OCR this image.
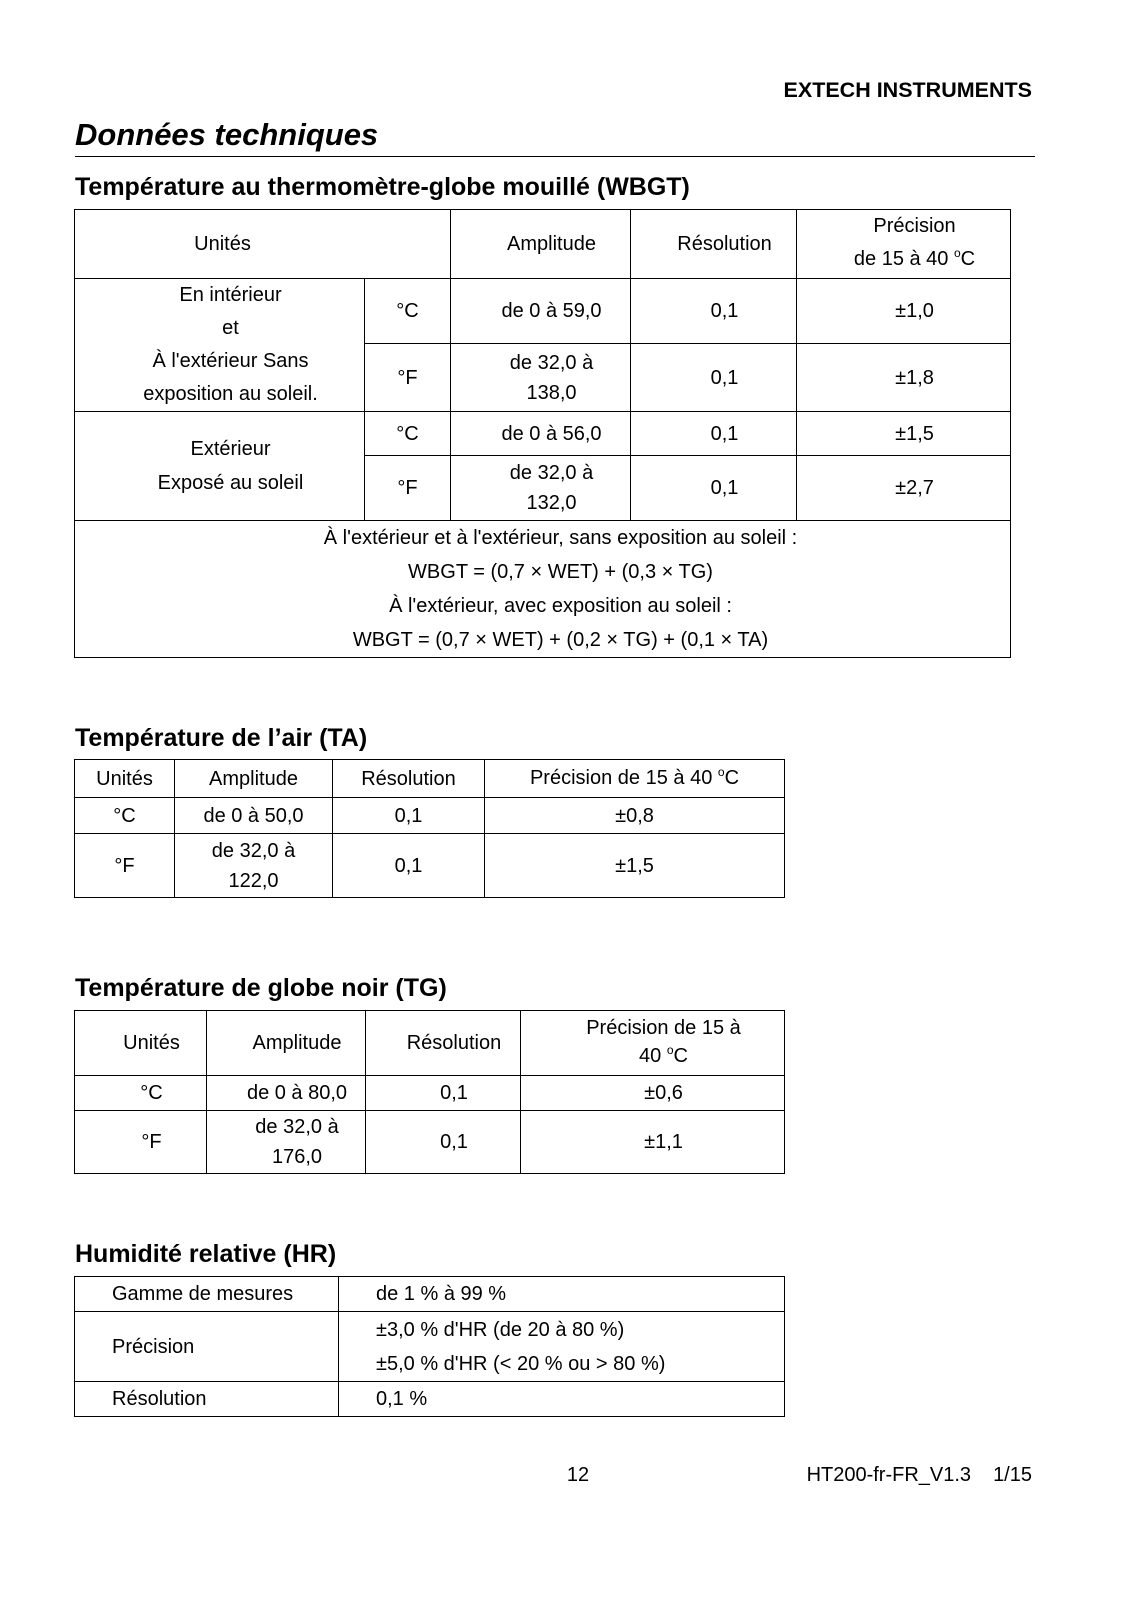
EXTECH INSTRUMENTS
Données techniques
Température au thermomètre-globe mouillé (WBGT)
Unités		Amplitude	Résolution	Précision
de 15 à 40 $^o$C

En intérieur
et
À l'extérieur Sans
exposition au soleil.	°C	de 0 à 59,0	0,1	±1,0
	°F	de 32,0 à
138,0	0,1	±1,8

Extérieur
Exposé au soleil	°C	de 0 à 56,0	0,1	±1,5
	°F	de 32,0 à
132,0	0,1	±2,7

À l'extérieur et à l'extérieur, sans exposition au soleil :
WBGT = (0,7 × WET) + (0,3 × TG)
À l'extérieur, avec exposition au soleil :
WBGT = (0,7 × WET) + (0,2 × TG) + (0,1 × TA)				
Température de l’air (TA)
Unités	Amplitude	Résolution	Précision de 15 à 40 $^o$C
°C	de 0 à 50,0	0,1	±0,8
°F	de 32,0 à
122,0	0,1	±1,5
Température de globe noir (TG)
Unités	Amplitude	Résolution	Précision de 15 à
40 $^o$C

°C	de 0 à 80,0	0,1	±0,6
°F	de 32,0 à
176,0	0,1	±1,1
Humidité relative (HR)
Gamme de mesures	de 1 % à 99 %
Précision	±3,0 % d'HR (de 20 à 80 %)
±5,0 % d'HR (< 20 % ou > 80 %)

Résolution	0,1 %
12	HT200-fr-FR_V1.3 1/15
